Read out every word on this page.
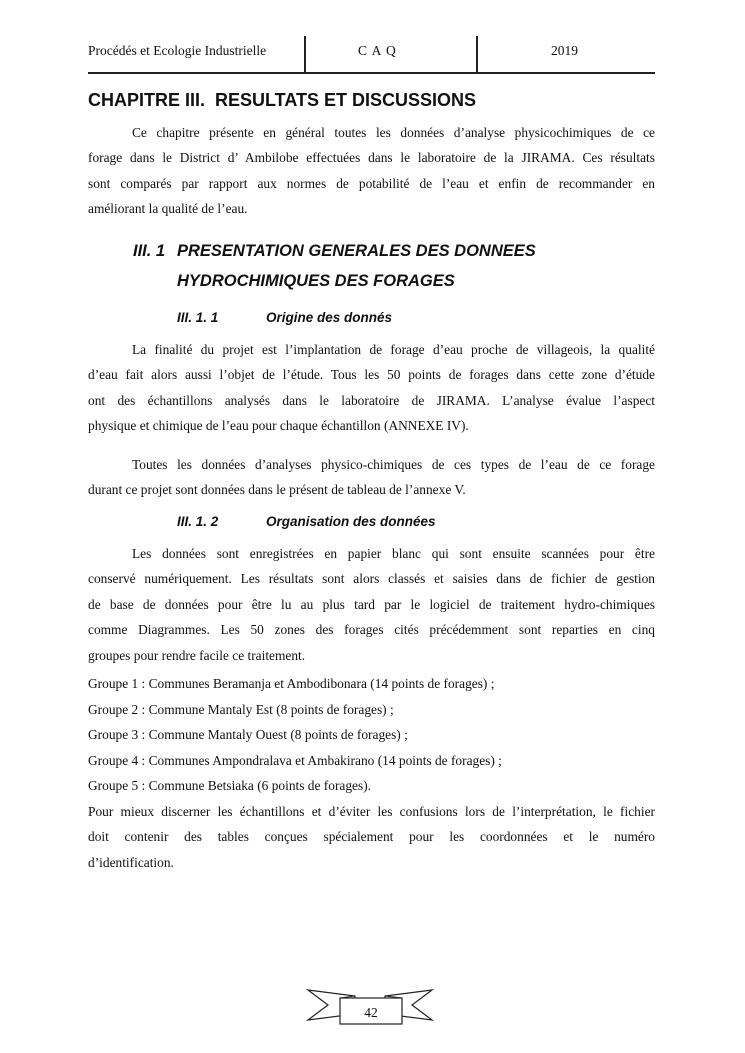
Procédés et Ecologie Industrielle	C A Q	2019
CHAPITRE III.  RESULTATS ET DISCUSSIONS
III. 1 PRESENTATION GENERALES DES DONNEES
HYDROCHIMIQUES DES FORAGES
III. 1. 1	Origine des donnés
III. 1. 2	Organisation des données
Ce chapitre présente en général toutes les données d’analyse physicochimiques de ce
forage dans le District d’ Ambilobe effectuées dans le laboratoire de la JIRAMA. Ces résultats
sont comparés par rapport aux normes de potabilité de l’eau et enfin de recommander en
améliorant la qualité de l’eau.
La finalité du projet est l’implantation de forage d’eau proche de villageois, la qualité
d’eau fait alors aussi l’objet de l’étude. Tous les 50 points de forages dans cette zone d’étude
ont des échantillons analysés dans le laboratoire de JIRAMA. L’analyse évalue l’aspect
physique et chimique de l’eau pour chaque échantillon (ANNEXE IV).
Toutes les données d’analyses physico-chimiques de ces types de l’eau de ce forage
durant ce projet sont données dans le présent de tableau de l’annexe V.
Les données sont enregistrées en papier blanc qui sont ensuite scannées pour être
conservé numériquement. Les résultats sont alors classés et saisies dans de fichier de gestion
de base de données pour être lu au plus tard par le logiciel de traitement hydro-chimiques
comme Diagrammes. Les 50 zones des forages cités précédemment sont reparties en cinq
groupes pour rendre facile ce traitement.
Groupe 1 : Communes Beramanja et Ambodibonara (14 points de forages) ;
Groupe 2 : Commune Mantaly Est (8 points de forages) ;
Groupe 3 : Commune Mantaly Ouest (8 points de forages) ;
Groupe 4 : Communes Ampondralava et Ambakirano (14 points de forages) ;
Groupe 5 : Commune Betsiaka (6 points de forages).
Pour mieux discerner les échantillons et d’éviter les confusions lors de l’interprétation, le fichier
doit contenir des tables conçues spécialement pour les coordonnées et le numéro
d’identification.
42
